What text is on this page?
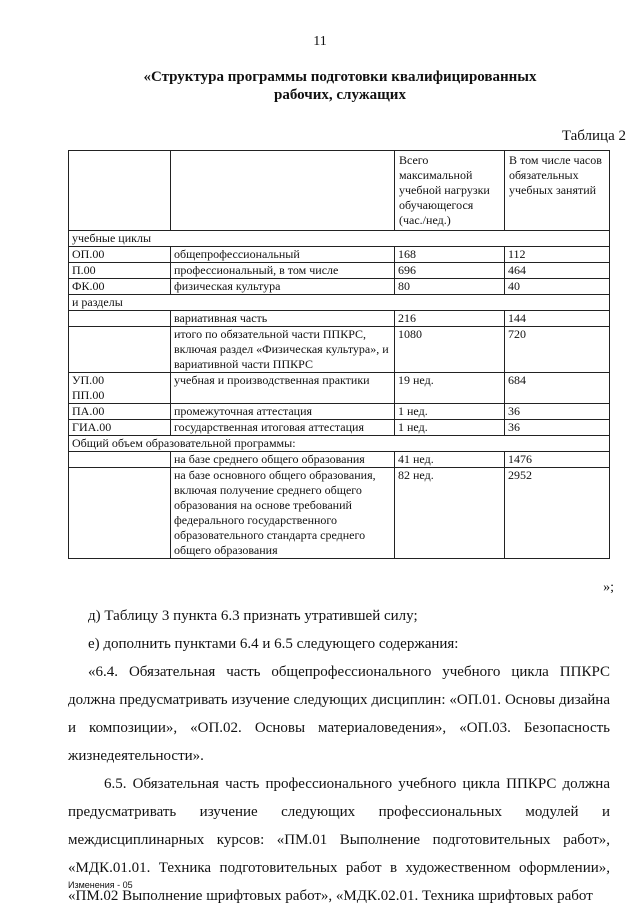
11
«Структура программы подготовки квалифицированных
рабочих, служащих
Таблица 2
		Всего максимальной учебной нагрузки обучающегося (час./нед.)	В том числе часов обязательных учебных занятий
учебные циклы			
ОП.00	общепрофессиональный	168	112
П.00	профессиональный, в том числе	696	464
ФК.00	физическая культура	80	40
и разделы			
	вариативная часть	216	144
	итого по обязательной части ППКРС, включая раздел «Физическая культура», и вариативной части ППКРС	1080	720
УП.00
ПП.00	учебная и производственная практики	19 нед.	684
ПА.00	промежуточная аттестация	1 нед.	36
ГИА.00	государственная итоговая аттестация	1 нед.	36
Общий объем образовательной программы:			
	на базе среднего общего образования	41 нед.	1476
	на базе основного общего образования, включая получение среднего общего образования на основе требований федерального государственного образовательного стандарта среднего общего образования	82 нед.	2952
»;

д) Таблицу 3 пункта 6.3 признать утратившей силу;

е) дополнить пунктами 6.4 и 6.5 следующего содержания:

«6.4. Обязательная часть общепрофессионального учебного цикла ППКРС должна предусматривать изучение следующих дисциплин: «ОП.01. Основы дизайна и композиции», «ОП.02. Основы материаловедения», «ОП.03. Безопасность жизнедеятельности».

6.5. Обязательная часть профессионального учебного цикла ППКРС должна предусматривать изучение следующих профессиональных модулей и междисциплинарных курсов: «ПМ.01 Выполнение подготовительных работ», «МДК.01.01. Техника подготовительных работ в художественном оформлении», «ПМ.02 Выполнение шрифтовых работ», «МДК.02.01. Техника шрифтовых работ

Изменения - 05
